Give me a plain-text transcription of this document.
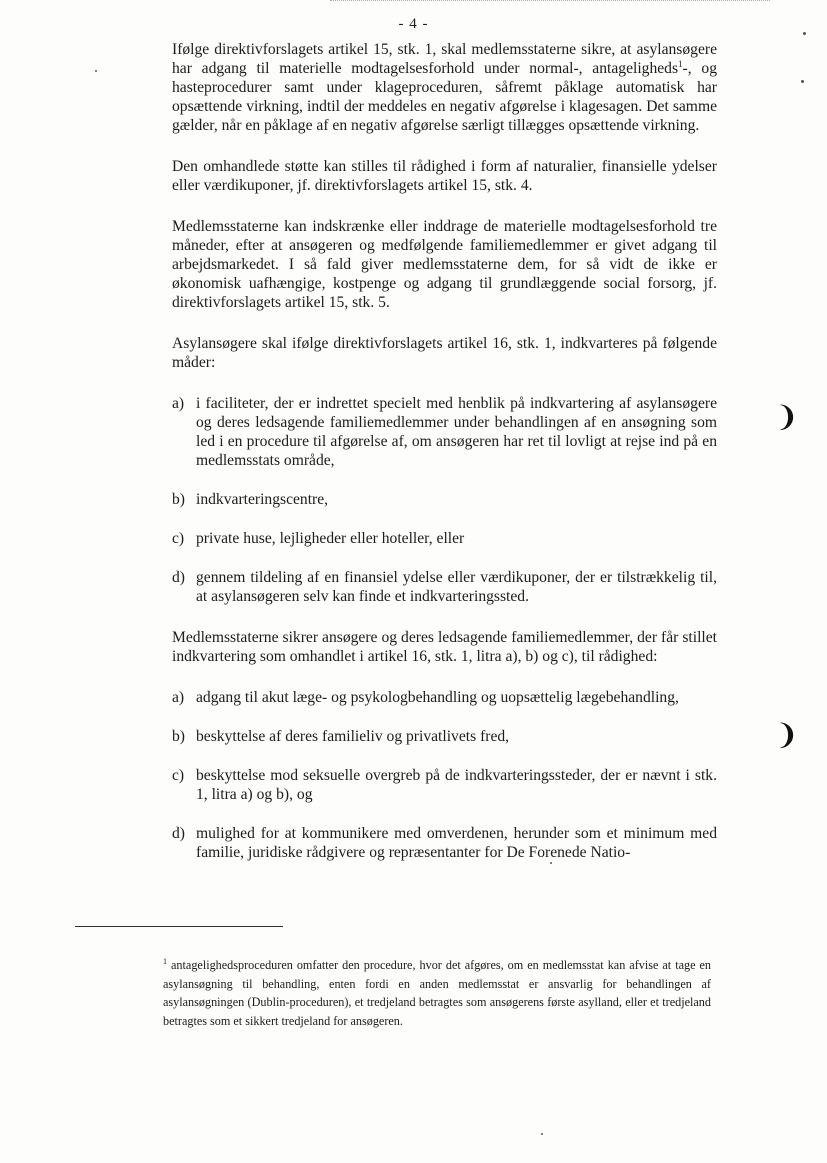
- 4 -

Ifølge direktivforslagets artikel 15, stk. 1, skal medlemsstaterne sikre, at asylansøgere har adgang til materielle modtagelsesforhold under normal-, antageligheds$^1$-, og hasteprocedurer samt under klageproceduren, såfremt påklage automatisk har opsættende virkning, indtil der meddeles en negativ afgørelse i klagesagen. Det samme gælder, når en påklage af en negativ afgørelse særligt tillægges opsættende virkning.

Den omhandlede støtte kan stilles til rådighed i form af naturalier, finansielle ydelser eller værdikuponer, jf. direktivforslagets artikel 15, stk. 4.

Medlemsstaterne kan indskrænke eller inddrage de materielle modtagelsesforhold tre måneder, efter at ansøgeren og medfølgende familiemedlemmer er givet adgang til arbejdsmarkedet. I så fald giver medlemsstaterne dem, for så vidt de ikke er økonomisk uafhængige, kostpenge og adgang til grundlæggende social forsorg, jf. direktivforslagets artikel 15, stk. 5.

Asylansøgere skal ifølge direktivforslagets artikel 16, stk. 1, indkvarteres på følgende måder:

a) i faciliteter, der er indrettet specielt med henblik på indkvartering af asylansøgere og deres ledsagende familiemedlemmer under behandlingen af en ansøgning som led i en procedure til afgørelse af, om ansøgeren har ret til lovligt at rejse ind på en medlemsstats område,
b) indkvarteringscentre,
c) private huse, lejligheder eller hoteller, eller
d) gennem tildeling af en finansiel ydelse eller værdikuponer, der er tilstrækkelig til, at asylansøgeren selv kan finde et indkvarteringssted.

Medlemsstaterne sikrer ansøgere og deres ledsagende familiemedlemmer, der får stillet indkvartering som omhandlet i artikel 16, stk. 1, litra a), b) og c), til rådighed:

a) adgang til akut læge- og psykologbehandling og uopsættelig lægebehandling,
b) beskyttelse af deres familieliv og privatlivets fred,
c) beskyttelse mod seksuelle overgreb på de indkvarteringssteder, der er nævnt i stk. 1, litra a) og b), og
d) mulighed for at kommunikere med omverdenen, herunder som et minimum med familie, juridiske rådgivere og repræsentanter for De Forenede Natio-
$^1$ antagelighedsproceduren omfatter den procedure, hvor det afgøres, om en medlemsstat kan afvise at tage en asylansøgning til behandling, enten fordi en anden medlemsstat er ansvarlig for behandlingen af asylansøgningen (Dublin-proceduren), et tredjeland betragtes som ansøgerens første asylland, eller et tredjeland betragtes som et sikkert tredjeland for ansøgeren.
❩
❩
